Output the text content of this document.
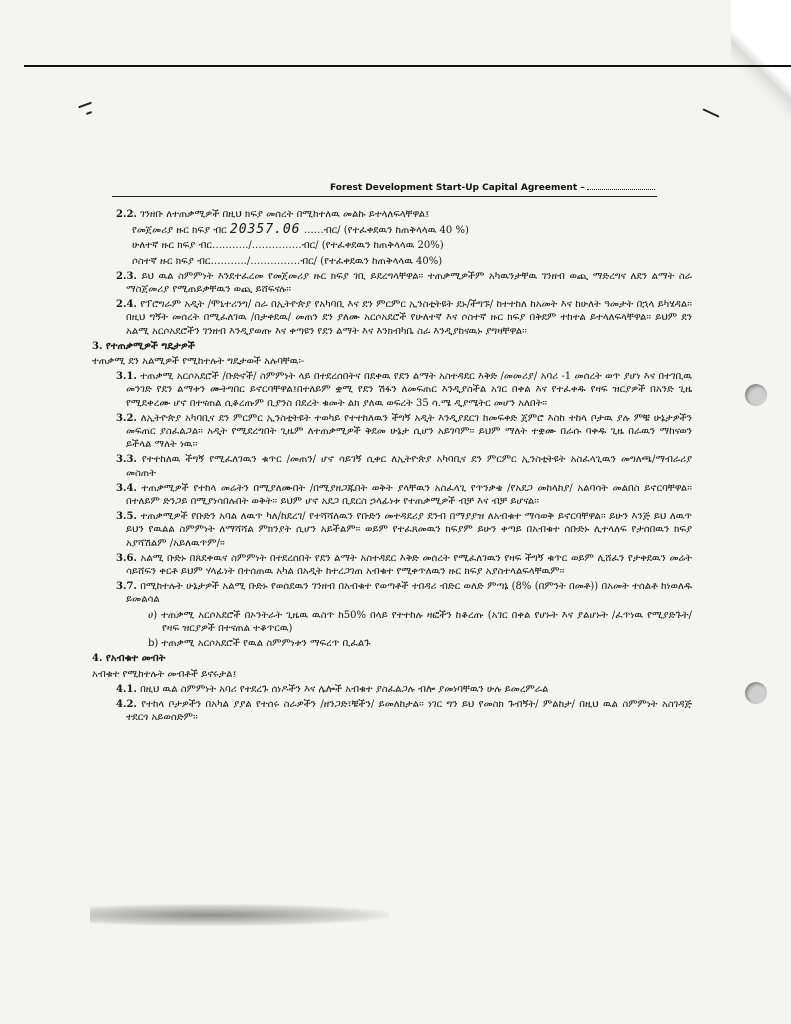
Forest Development Start-Up Capital Agreement –
2.2. ገንዘቡ ለተጠቃሚዎች በዚህ ክፍያ መሰረት በሚከተለዉ መልኩ ይተላለፍላቸዋል፤
የመጀመሪያ ዙር ክፍያ ብር 20357.06 ……ብር/ (የተፈቀደዉን ከጠቅላላዉ 40 %)
ሁለተኛ ዙር ክፍያ ብር………../……………ብር/ (የተፈቀደዉን ከጠቅላላዉ 20%)
ሶስተኛ ዙር ክፍያ ብር………../……………ብር/ (የተፈቀደዉን ከጠቅላላዉ 40%)
2.3. ይህ ዉል ስምምነት እንደተፈረመ የመጀመሪያ ዙር ክፍያ ገቢ ይደረግላቸዋል፡፡ ተጠቃሚዎችም አካዉንታቸዉ ገንዘብ ወጪ ማድረግና ለደን ልማት ስራ ማስጀመሪያ የሚጠይቃቸዉን ወጪ ይሸፍናሉ፡፡
2.4. የፕሮግራም አዲት /ሞኒተሪንግ/ ስራ በኢትዮጵያ የአካባቢ እና ደን ምርምር ኢንስቲትዩት ደኑ/ችግኙ/ ከተተከለ ከአመት እና ከሁለት ዓመታት በኋላ ይካሄዳል፡፡ በዚህ ግኝት መሰረት በሚፈለገዉ /በታቀደዉ/ መጠን ደን ያለሙ አርሶአደሮች የሁለተኛ እና ሶስተኛ ዙር ክፍያ በቅደም ተከተል ይተላለፍላቸዋል፡፡ ይህም ደን አልሚ አርሶአደሮችን ገንዘብ እንዲያወጡ እና ቀጣዩን የደን ልማት እና እንክብካቤ ስራ እንዲያከናዉኑ ያግዛቸዋል፡፡
3. የተጠቃሚዎች ግዴታዎች
ተጠቃሚ ደን አልሚዎች የሚከተሉት ግዴታወች አሉባቸዉ፡-
3.1. ተጠቃሚ አርሶአደሮች /ቡድኖች/ ስምምነት ላይ በተደረሰበትና በደቀዉ የደን ልማት አስተዳደር እቅድ /መመሪያ/ አባሪ -1 መሰረት ወጥ ያሆነ እና በተገቢዉ መንገድ የደን ልማቱን ሙትግበር ይኖርባቸዋል፤በተለይም ቋሚ የደን ሽፋን ለመፍጠር እንዲያስችል አገር በቀል እና የተፈቀዱ የዛፍ ዝርያዎች በአንድ ጊዜ የሚደቀረሙ ሆኖ በተናጠል ሲቆረጡም ቢያንስ በደረት ቁመት ልክ ያለዉ ወፍረት 35 ሳ.ሜ ዲያሜትር መሆን አለበት፡፡
3.2. ለኢትዮጵያ አካባቢና ደን ምርምር ኢንስቲትዩት ተወካይ የተተከለዉን ችግኝ አዲት እንዲያደርገ ከመፍቀድ ጀምሮ እስከ ተከላ ቦታዉ ያሉ ምቹ ሁኔታዎችን መፍጠር ያስፈልጋል፡፡ አዲት የሚደረግበት ጊዜም ለተጠቃሚዎች ቅደመ ሁኔታ ሲሆን አይገባም፡፡ ይህም ማለት ተቋሙ በራሱ ባቀዱ ጊዜ በራዉን ማከናወን ይችላል ማለት ነዉ፡፡
3.3. የተተከለዉ ችግኝ የሚፈለገዉን ቁጥር /መጠን/ ሆኖ ሳይገኝ ሲቀር ለኢትዮጵያ አካባቢና ደን ምርምር ኢንስቲትዩት አስፈላጊዉን መግለጫ/ማብራሪያ መስጠት
3.4. ተጠቃሚዎች የተከላ መሬትን በሚያለሙበት /በሚያዘጋጁበት ወቅት ያላቸዉን አስፈላጊ የጥንቃቄ /የአደጋ መከላከያ/ አልባሳት መልበስ ይኖርባቸዋል፡፡ በተለይም ድንጋይ በሚያነሳበሉበት ወቅት፡፡ ይህም ሆኖ አደጋ ቢደርስ ኃላፊነቱ የተጠቃሚዎች ብቻ እና ብቻ ይሆናል፡፡
3.5. ተጠቃሚዎች የቡድን አባል ለዉጥ ካለ/ከደረገ/ የተሻሻለዉን የቡድን መተዳደሪያ ደንብ በማያያዝ ለአብቁተ ማሳወቅ ይኖርባቸዋል፡፡ ይሁን እንጅ ይህ ለዉጥ ይህን የዉልል ስምምነት ለማሻሻል ምክንያት ሲሆን አይችልም፡፡ ወይም የተፈጸመዉን ክፍያም ይሁን ቀጣይ በአብቁተ ሰቡድኑ ሊተላለፍ የታሰበዉን ክፍያ አያሻሽልም /አይለዉጥም/፡፡
3.6. አልሚ ቡድኑ በጸደቀዉና ስምምነት በተደረሰበት የደን ልማት አስተዳደር እቅድ መሰረት የሚፈለገዉን የዛፍ ችግኝ ቁጥር ወይም ሊሸፈን የታቀደዉን መሬት ሳይሸፍን ቀርቶ ይህም ሃላፊነት በተሰጠዉ አካል በአዲት ከተረጋገጠ አብቁተ የሚቀጥለዉን ዙር ክፍያ አያስተላልፍላቸዉም፡፡
3.7. በሚከተሉት ሁኔታዎች አልሚ ቡድኑ የወሰደዉን ገንዘብ በአብቁተ የወጣቶች ተበዳሪ ብድር ወለድ ምጣኔ (8% (በምንት በመቶ)) በአመት ተሰልቶ ከነወለዱ ይመልሳል
ሀ) ተጠቃሚ አርሶአደሮች በኦንትራት ጊዜዉ ዉስጥ ከ50% በላይ የተተከሉ ዛፎችን ከቆረጡ (አገር በቀል የሆኑት እና ያልሆኑት /ፈጥነዉ የሚያድጉት/ የዛፍ ዝርያዎች በተናጠል ተቆጥርዉ)
b) ተጠቃሚ አርሶአደሮች የዉል ስምምነቱን ማፍረጥ ቢፈልጉ
4. የአብቁተ መብት
አብቁተ የሚከተሉት መብቶች ይኖሩታል፤
4.1. በዚህ ዉል ስምምነት አባሪ የተደረጉ ሰነዶችን እና ሌሎች አብቁተ ያስፈልጋሉ ብሎ ያመነባቸዉን ሁሉ ይመረምራል
4.2. የተከላ ቦታዎችን በአካል ያያል የተሰሩ ስራዎችን /ዘንጋድ፣ቹችን/ ይመለከታል፡፡ ነገር ግን ይህ የመስክ ጉብኝት/ ምልከታ/ በዚህ ዉል ስምምነት አስገዳጅ ተደርጎ አይወሰድም፡፡
